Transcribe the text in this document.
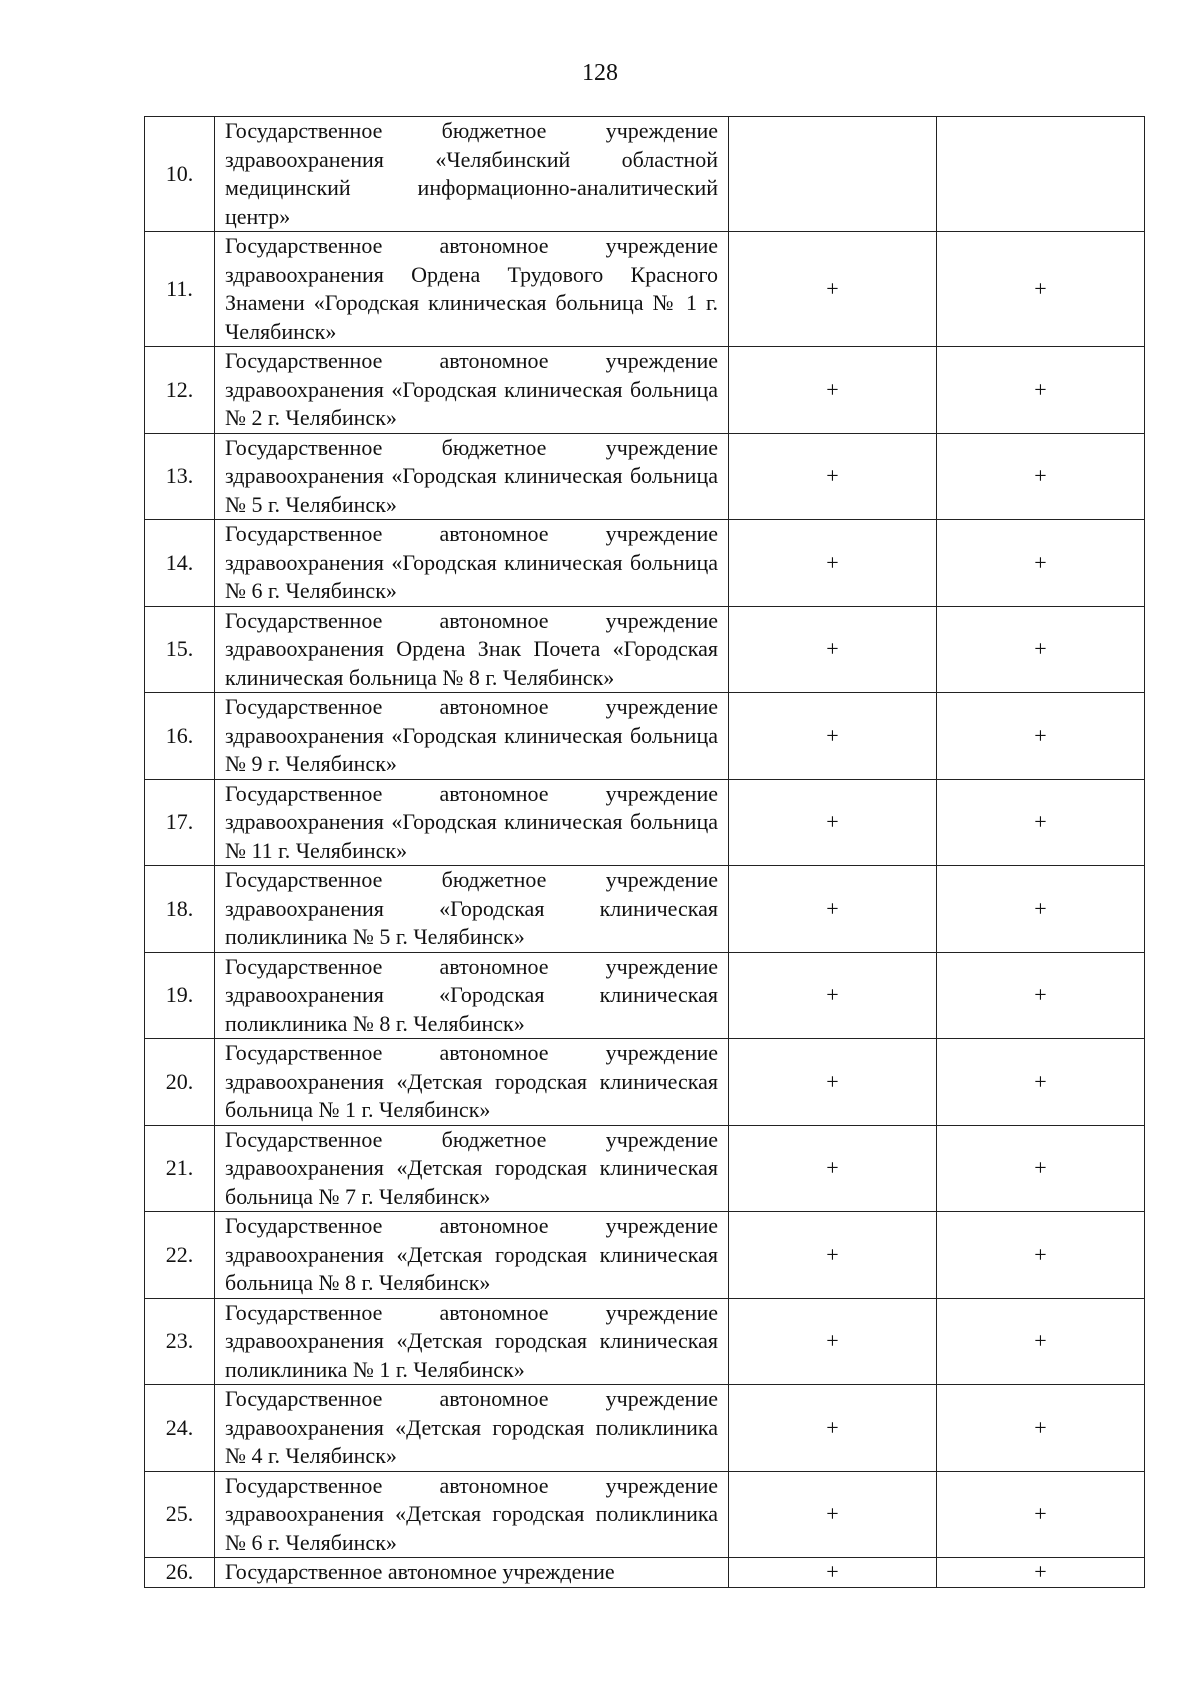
128
10.	Государственное бюджетное учреждение здравоохранения «Челябинский областной медицинский информационно-аналитический центр»		
11.	Государственное автономное учреждение здравоохранения Ордена Трудового Красного Знамени «Городская клиническая больница № 1 г. Челябинск»	+	+
12.	Государственное автономное учреждение здравоохранения «Городская клиническая больница № 2 г. Челябинск»	+	+
13.	Государственное бюджетное учреждение здравоохранения «Городская клиническая больница № 5 г. Челябинск»	+	+
14.	Государственное автономное учреждение здравоохранения «Городская клиническая больница № 6 г. Челябинск»	+	+
15.	Государственное автономное учреждение здравоохранения Ордена Знак Почета «Городская клиническая больница № 8 г. Челябинск»	+	+
16.	Государственное автономное учреждение здравоохранения «Городская клиническая больница № 9 г. Челябинск»	+	+
17.	Государственное автономное учреждение здравоохранения «Городская клиническая больница № 11 г. Челябинск»	+	+
18.	Государственное бюджетное учреждение здравоохранения «Городская клиническая поликлиника № 5 г. Челябинск»	+	+
19.	Государственное автономное учреждение здравоохранения «Городская клиническая поликлиника № 8 г. Челябинск»	+	+
20.	Государственное автономное учреждение здравоохранения «Детская городская клиническая больница № 1 г. Челябинск»	+	+
21.	Государственное бюджетное учреждение здравоохранения «Детская городская клиническая больница № 7 г. Челябинск»	+	+
22.	Государственное автономное учреждение здравоохранения «Детская городская клиническая больница № 8 г. Челябинск»	+	+
23.	Государственное автономное учреждение здравоохранения «Детская городская клиническая поликлиника № 1 г. Челябинск»	+	+
24.	Государственное автономное учреждение здравоохранения «Детская городская поликлиника № 4 г. Челябинск»	+	+
25.	Государственное автономное учреждение здравоохранения «Детская городская поликлиника № 6 г. Челябинск»	+	+
26.	Государственное автономное учреждение	+	+
